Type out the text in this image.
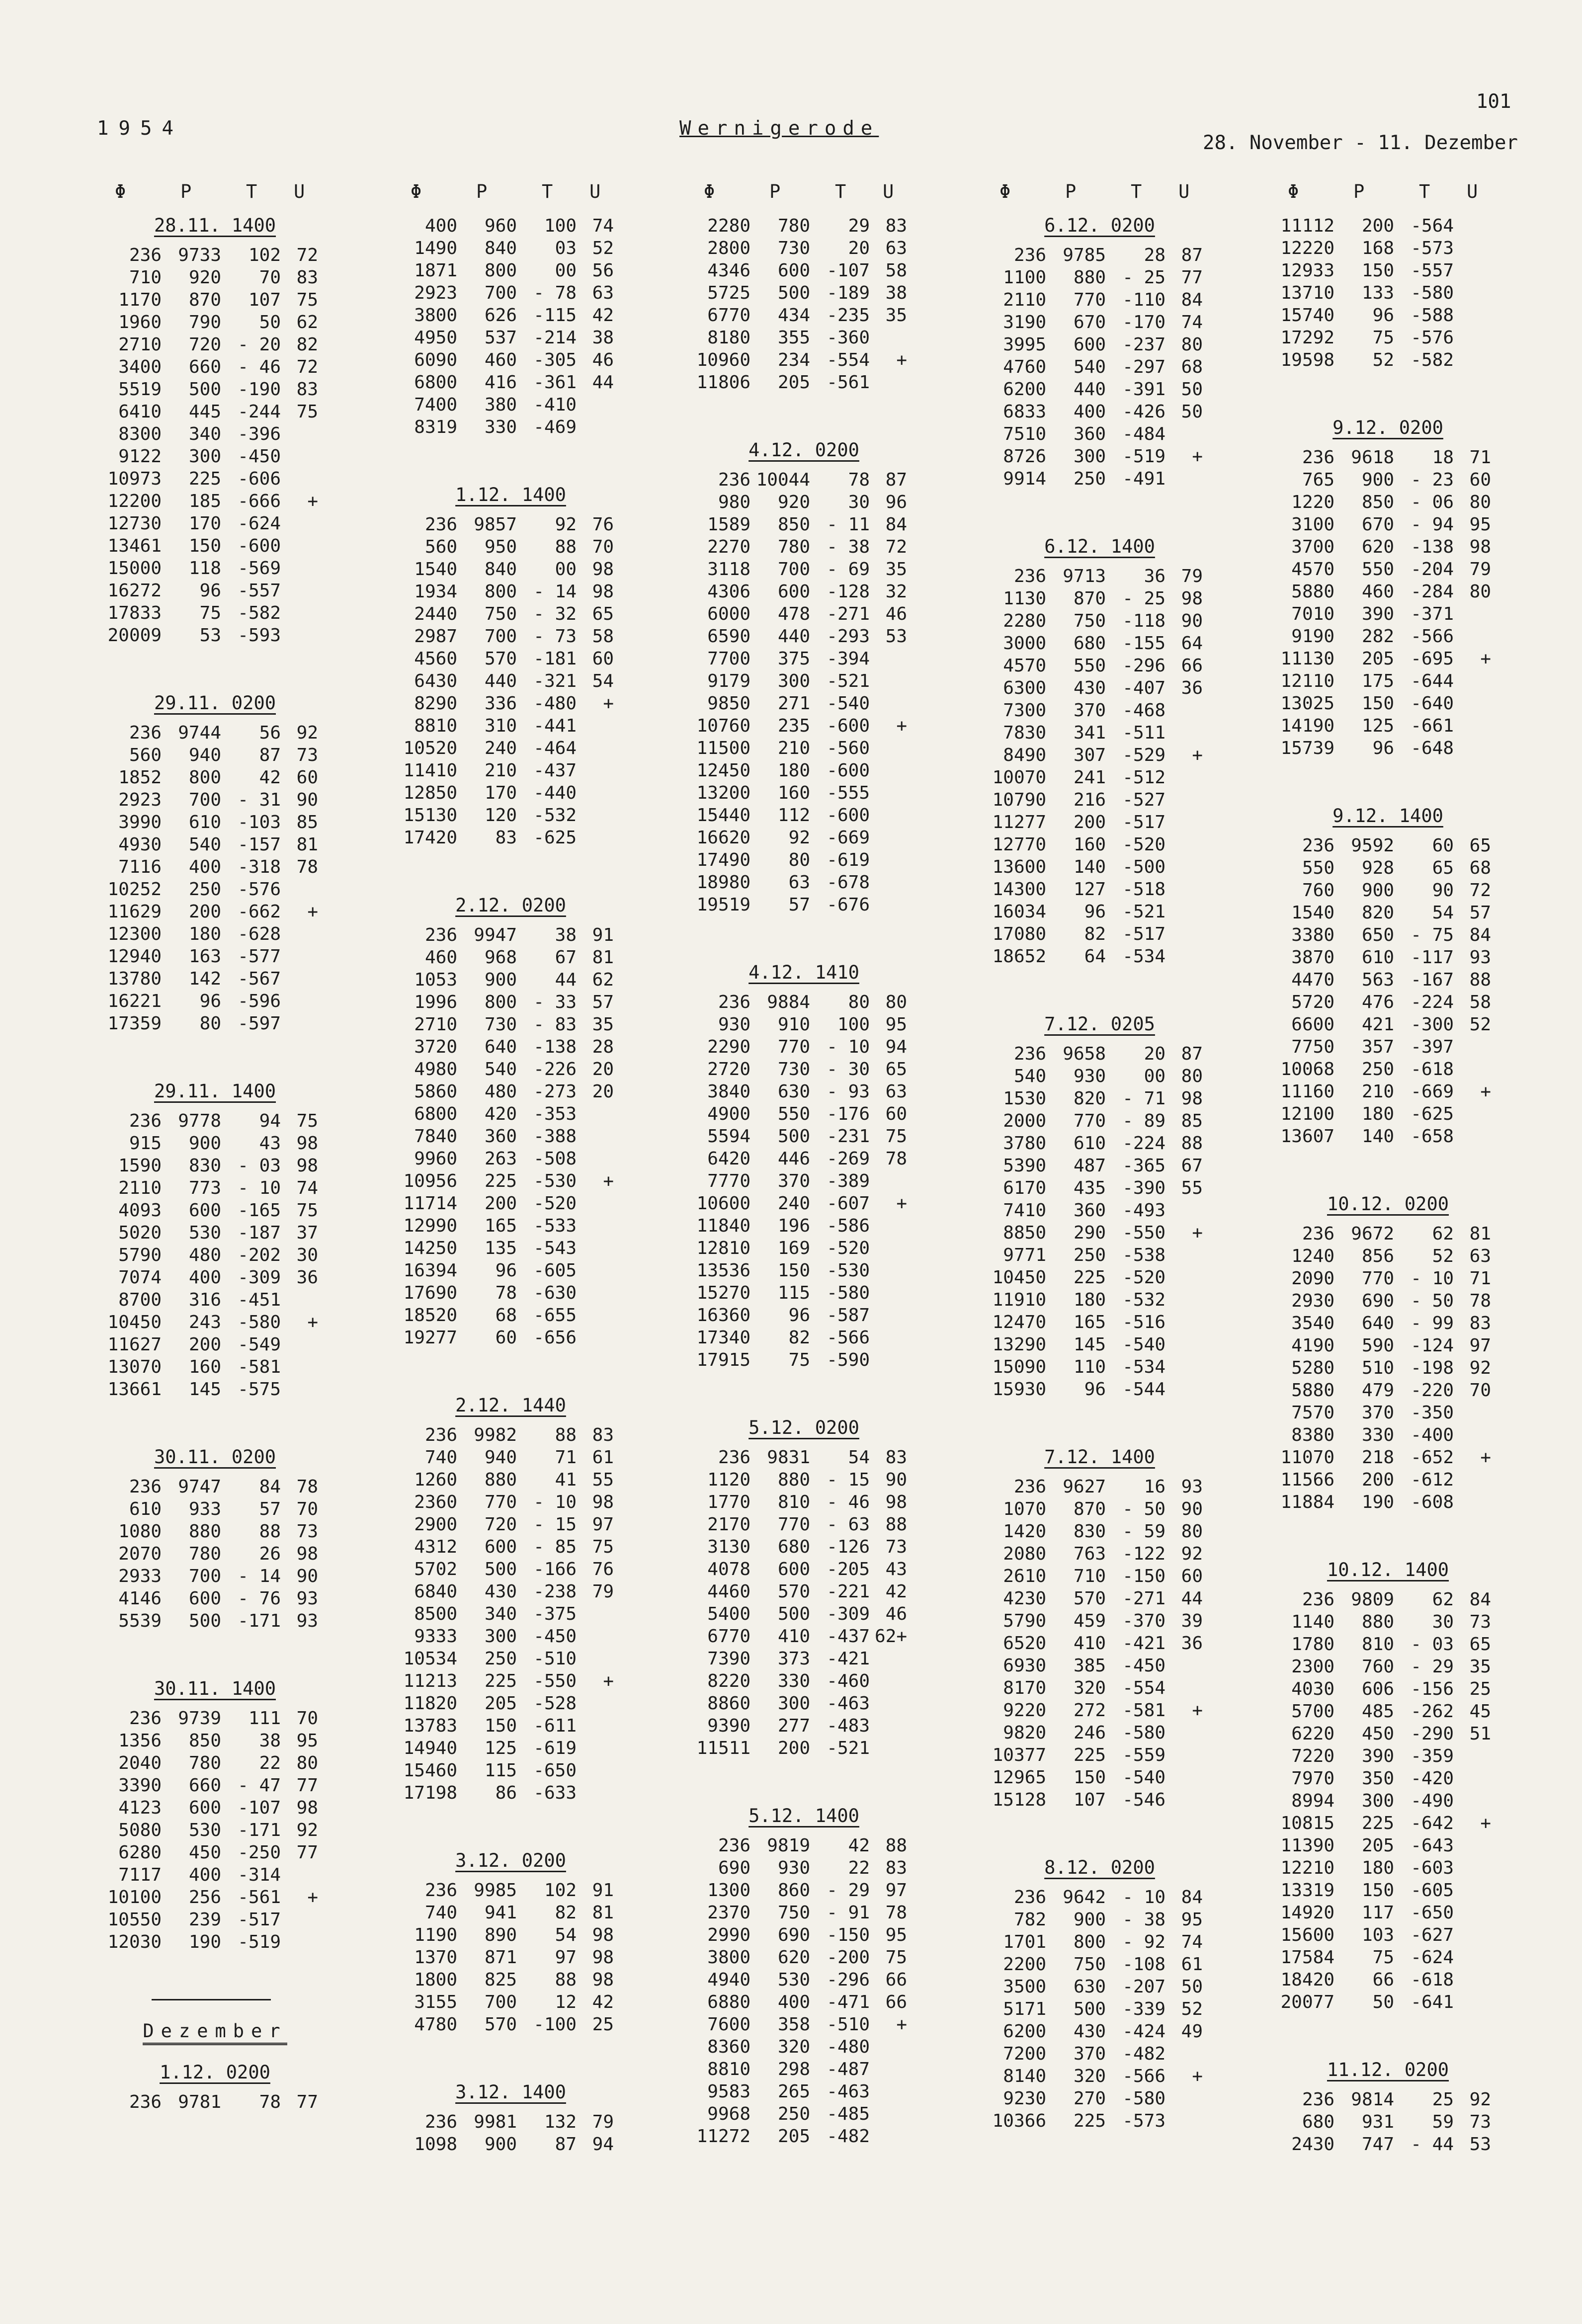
1954	Wernigerode
28. November - 11. Dezember
101
Φ	P	T	U
28.11. 1400
236	9733	102	72
710	920	70	83
1170	870	107	75
1960	790	50	62
2710	720	- 20	82
3400	660	- 46	72
5519	500	-190	83
6410	445	-244	75
8300	340	-396	
9122	300	-450	
10973	225	-606	
12200	185	-666	+
12730	170	-624	
13461	150	-600	
15000	118	-569	
16272	96	-557	
17833	75	-582	
20009	53	-593	
29.11. 0200
236	9744	56	92
560	940	87	73
1852	800	42	60
2923	700	- 31	90
3990	610	-103	85
4930	540	-157	81
7116	400	-318	78
10252	250	-576	
11629	200	-662	+
12300	180	-628	
12940	163	-577	
13780	142	-567	
16221	96	-596	
17359	80	-597	
29.11. 1400
236	9778	94	75
915	900	43	98
1590	830	- 03	98
2110	773	- 10	74
4093	600	-165	75
5020	530	-187	37
5790	480	-202	30
7074	400	-309	36
8700	316	-451	
10450	243	-580	+
11627	200	-549	
13070	160	-581	
13661	145	-575	
30.11. 0200
236	9747	84	78
610	933	57	70
1080	880	88	73
2070	780	26	98
2933	700	- 14	90
4146	600	- 76	93
5539	500	-171	93
30.11. 1400
236	9739	111	70
1356	850	38	95
2040	780	22	80
3390	660	- 47	77
4123	600	-107	98
5080	530	-171	92
6280	450	-250	77
7117	400	-314	
10100	256	-561	+
10550	239	-517	
12030	190	-519	
Dezember
1.12. 0200
236	9781	78	77
Φ	P	T	U
400	960	100	74
1490	840	03	52
1871	800	00	56
2923	700	- 78	63
3800	626	-115	42
4950	537	-214	38
6090	460	-305	46
6800	416	-361	44
7400	380	-410	
8319	330	-469	
1.12. 1400
236	9857	92	76
560	950	88	70
1540	840	00	98
1934	800	- 14	98
2440	750	- 32	65
2987	700	- 73	58
4560	570	-181	60
6430	440	-321	54
8290	336	-480	+
8810	310	-441	
10520	240	-464	
11410	210	-437	
12850	170	-440	
15130	120	-532	
17420	83	-625	
2.12. 0200
236	9947	38	91
460	968	67	81
1053	900	44	62
1996	800	- 33	57
2710	730	- 83	35
3720	640	-138	28
4980	540	-226	20
5860	480	-273	20
6800	420	-353	
7840	360	-388	
9960	263	-508	
10956	225	-530	+
11714	200	-520	
12990	165	-533	
14250	135	-543	
16394	96	-605	
17690	78	-630	
18520	68	-655	
19277	60	-656	
2.12. 1440
236	9982	88	83
740	940	71	61
1260	880	41	55
2360	770	- 10	98
2900	720	- 15	97
4312	600	- 85	75
5702	500	-166	76
6840	430	-238	79
8500	340	-375	
9333	300	-450	
10534	250	-510	
11213	225	-550	+
11820	205	-528	
13783	150	-611	
14940	125	-619	
15460	115	-650	
17198	86	-633	
3.12. 0200
236	9985	102	91
740	941	82	81
1190	890	54	98
1370	871	97	98
1800	825	88	98
3155	700	12	42
4780	570	-100	25
3.12. 1400
236	9981	132	79
1098	900	87	94
Φ	P	T	U
2280	780	29	83
2800	730	20	63
4346	600	-107	58
5725	500	-189	38
6770	434	-235	35
8180	355	-360	
10960	234	-554	+
11806	205	-561	
4.12. 0200
236	10044	78	87
980	920	30	96
1589	850	- 11	84
2270	780	- 38	72
3118	700	- 69	35
4306	600	-128	32
6000	478	-271	46
6590	440	-293	53
7700	375	-394	
9179	300	-521	
9850	271	-540	
10760	235	-600	+
11500	210	-560	
12450	180	-600	
13200	160	-555	
15440	112	-600	
16620	92	-669	
17490	80	-619	
18980	63	-678	
19519	57	-676	
4.12. 1410
236	9884	80	80
930	910	100	95
2290	770	- 10	94
2720	730	- 30	65
3840	630	- 93	63
4900	550	-176	60
5594	500	-231	75
6420	446	-269	78
7770	370	-389	
10600	240	-607	+
11840	196	-586	
12810	169	-520	
13536	150	-530	
15270	115	-580	
16360	96	-587	
17340	82	-566	
17915	75	-590	
5.12. 0200
236	9831	54	83
1120	880	- 15	90
1770	810	- 46	98
2170	770	- 63	88
3130	680	-126	73
4078	600	-205	43
4460	570	-221	42
5400	500	-309	46
6770	410	-437	62+
7390	373	-421	
8220	330	-460	
8860	300	-463	
9390	277	-483	
11511	200	-521	
5.12. 1400
236	9819	42	88
690	930	22	83
1300	860	- 29	97
2370	750	- 91	78
2990	690	-150	95
3800	620	-200	75
4940	530	-296	66
6880	400	-471	66
7600	358	-510	+
8360	320	-480	
8810	298	-487	
9583	265	-463	
9968	250	-485	
11272	205	-482	
Φ	P	T	U
6.12. 0200
236	9785	28	87
1100	880	- 25	77
2110	770	-110	84
3190	670	-170	74
3995	600	-237	80
4760	540	-297	68
6200	440	-391	50
6833	400	-426	50
7510	360	-484	
8726	300	-519	+
9914	250	-491	
6.12. 1400
236	9713	36	79
1130	870	- 25	98
2280	750	-118	90
3000	680	-155	64
4570	550	-296	66
6300	430	-407	36
7300	370	-468	
7830	341	-511	
8490	307	-529	+
10070	241	-512	
10790	216	-527	
11277	200	-517	
12770	160	-520	
13600	140	-500	
14300	127	-518	
16034	96	-521	
17080	82	-517	
18652	64	-534	
7.12. 0205
236	9658	20	87
540	930	00	80
1530	820	- 71	98
2000	770	- 89	85
3780	610	-224	88
5390	487	-365	67
6170	435	-390	55
7410	360	-493	
8850	290	-550	+
9771	250	-538	
10450	225	-520	
11910	180	-532	
12470	165	-516	
13290	145	-540	
15090	110	-534	
15930	96	-544	
7.12. 1400
236	9627	16	93
1070	870	- 50	90
1420	830	- 59	80
2080	763	-122	92
2610	710	-150	60
4230	570	-271	44
5790	459	-370	39
6520	410	-421	36
6930	385	-450	
8170	320	-554	
9220	272	-581	+
9820	246	-580	
10377	225	-559	
12965	150	-540	
15128	107	-546	
8.12. 0200
236	9642	- 10	84
782	900	- 38	95
1701	800	- 92	74
2200	750	-108	61
3500	630	-207	50
5171	500	-339	52
6200	430	-424	49
7200	370	-482	
8140	320	-566	+
9230	270	-580	
10366	225	-573	
Φ	P	T	U
11112	200	-564	
12220	168	-573	
12933	150	-557	
13710	133	-580	
15740	96	-588	
17292	75	-576	
19598	52	-582	
9.12. 0200
236	9618	18	71
765	900	- 23	60
1220	850	- 06	80
3100	670	- 94	95
3700	620	-138	98
4570	550	-204	79
5880	460	-284	80
7010	390	-371	
9190	282	-566	
11130	205	-695	+
12110	175	-644	
13025	150	-640	
14190	125	-661	
15739	96	-648	
9.12. 1400
236	9592	60	65
550	928	65	68
760	900	90	72
1540	820	54	57
3380	650	- 75	84
3870	610	-117	93
4470	563	-167	88
5720	476	-224	58
6600	421	-300	52
7750	357	-397	
10068	250	-618	
11160	210	-669	+
12100	180	-625	
13607	140	-658	
10.12. 0200
236	9672	62	81
1240	856	52	63
2090	770	- 10	71
2930	690	- 50	78
3540	640	- 99	83
4190	590	-124	97
5280	510	-198	92
5880	479	-220	70
7570	370	-350	
8380	330	-400	
11070	218	-652	+
11566	200	-612	
11884	190	-608	
10.12. 1400
236	9809	62	84
1140	880	30	73
1780	810	- 03	65
2300	760	- 29	35
4030	606	-156	25
5700	485	-262	45
6220	450	-290	51
7220	390	-359	
7970	350	-420	
8994	300	-490	
10815	225	-642	+
11390	205	-643	
12210	180	-603	
13319	150	-605	
14920	117	-650	
15600	103	-627	
17584	75	-624	
18420	66	-618	
20077	50	-641	
11.12. 0200
236	9814	25	92
680	931	59	73
2430	747	- 44	53
